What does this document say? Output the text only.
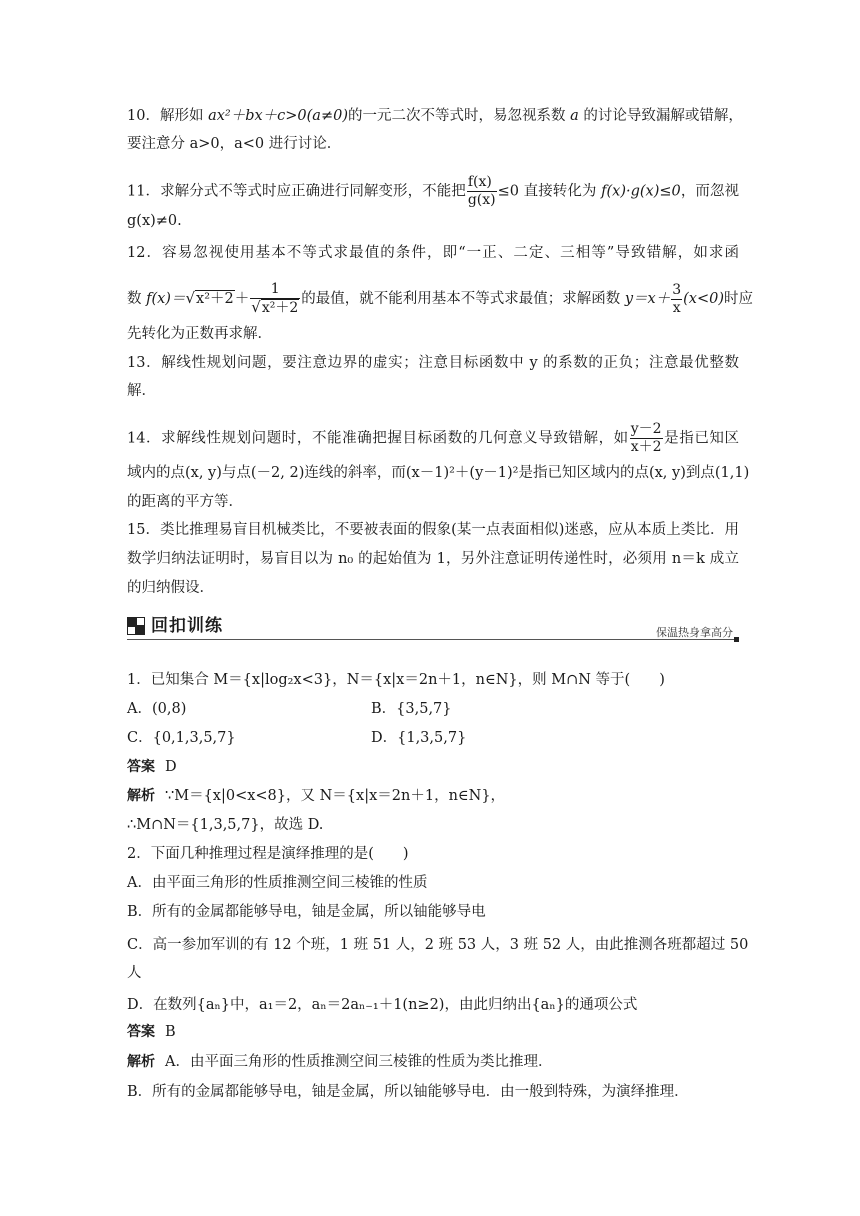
10．解形如 ax²＋bx＋c>0(a≠0)的一元二次不等式时，易忽视系数 a 的讨论导致漏解或错解，
要注意分 a>0，a<0 进行讨论．
11．求解分式不等式时应正确进行同解变形，不能把 $\frac{f(x)}{g(x)} \le 0$ 直接转化为 f(x)·g(x)≤0，而忽视
g(x)≠0.
12．容易忽视使用基本不等式求最值的条件，即“一正、二定、三相等”导致错解，如求函
数 $f(x)=√x^2+2+ \frac{1}{\text{√x²＋2}}$ 的最值，就不能利用基本不等式求最值；求解函数 $y=x+ \frac{3}{x} (x<0)$时应
先转化为正数再求解．
13．解线性规划问题，要注意边界的虚实；注意目标函数中 y 的系数的正负；注意最优整数
解．
14．求解线性规划问题时，不能准确把握目标函数的几何意义导致错解，如 $\frac{y-2}{x+2}$ 是指已知区
域内的点(x, y)与点(－2, 2)连线的斜率，而(x－1)²＋(y－1)²是指已知区域内的点(x, y)到点(1,1)
的距离的平方等．
15．类比推理易盲目机械类比，不要被表面的假象(某一点表面相似)迷惑，应从本质上类比．用
数学归纳法证明时，易盲目以为 n₀ 的起始值为 1，另外注意证明传递性时，必须用 n＝k 成立
的归纳假设．
回扣训练	保温热身拿高分
1．已知集合 M＝{x|log₂x<3}，N＝{x|x＝2n＋1，n∈N}，则 M∩N 等于(　　)
A．(0,8)	B．{3,5,7}
C．{0,1,3,5,7}	D．{1,3,5,7}
答案 D
解析 ∵M＝{x|0<x<8}，又 N＝{x|x＝2n＋1，n∈N}，
∴M∩N＝{1,3,5,7}，故选 D.
2．下面几种推理过程是演绎推理的是(　　)
A．由平面三角形的性质推测空间三棱锥的性质
B．所有的金属都能够导电，铀是金属，所以铀能够导电
C．高一参加军训的有 12 个班，1 班 51 人，2 班 53 人，3 班 52 人，由此推测各班都超过 50
人
D．在数列{aₙ}中，a₁＝2，aₙ＝2aₙ₋₁＋1(n≥2)，由此归纳出{aₙ}的通项公式
答案 B
解析 A．由平面三角形的性质推测空间三棱锥的性质为类比推理．
B．所有的金属都能够导电，铀是金属，所以铀能够导电．由一般到特殊，为演绎推理．
